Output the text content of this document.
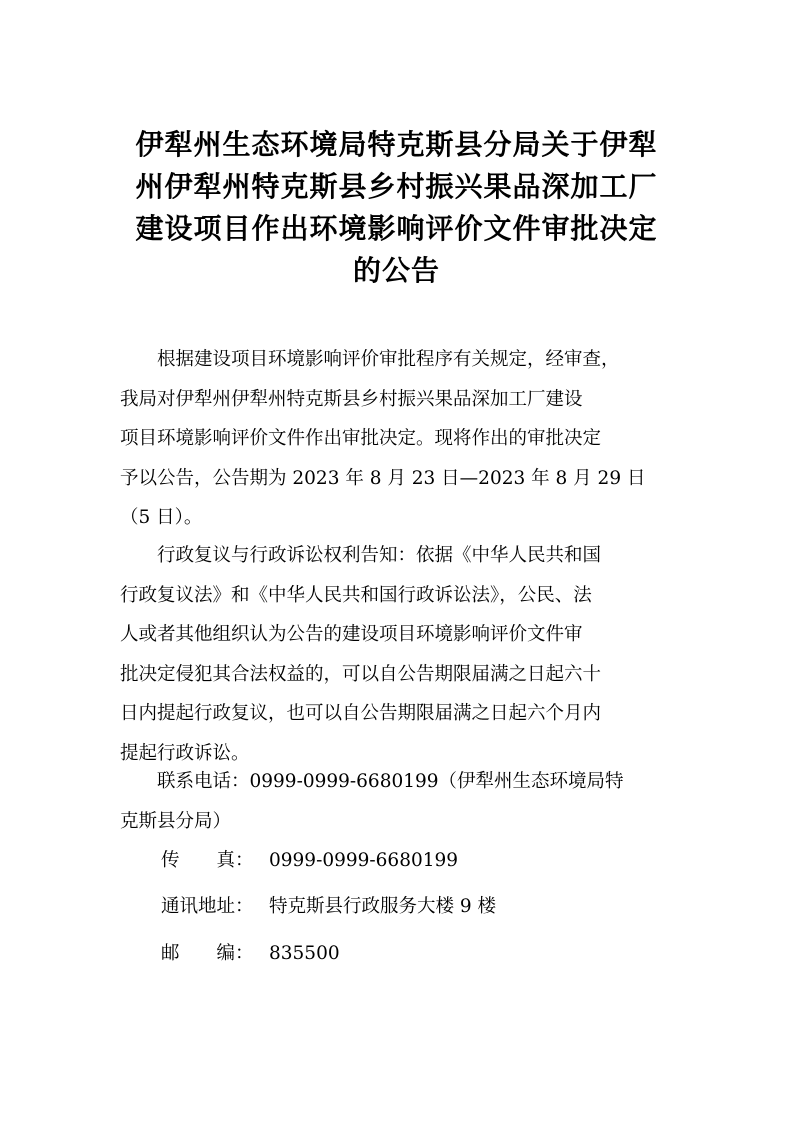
伊犁州生态环境局特克斯县分局关于伊犁
州伊犁州特克斯县乡村振兴果品深加工厂
建设项目作出环境影响评价文件审批决定
的公告
根据建设项目环境影响评价审批程序有关规定，经审查，
我局对伊犁州伊犁州特克斯县乡村振兴果品深加工厂建设
项目环境影响评价文件作出审批决定。现将作出的审批决定
予以公告，公告期为 2023 年 8 月 23 日—2023 年 8 月 29 日
（5 日）。
行政复议与行政诉讼权利告知：依据《中华人民共和国
行政复议法》和《中华人民共和国行政诉讼法》，公民、法
人或者其他组织认为公告的建设项目环境影响评价文件审
批决定侵犯其合法权益的，可以自公告期限届满之日起六十
日内提起行政复议，也可以自公告期限届满之日起六个月内
提起行政诉讼。
联系电话：0999-0999-6680199（伊犁州生态环境局特
克斯县分局）
传　　真： 0999-0999-6680199
通讯地址： 特克斯县行政服务大楼 9 楼
邮　　编： 835500
